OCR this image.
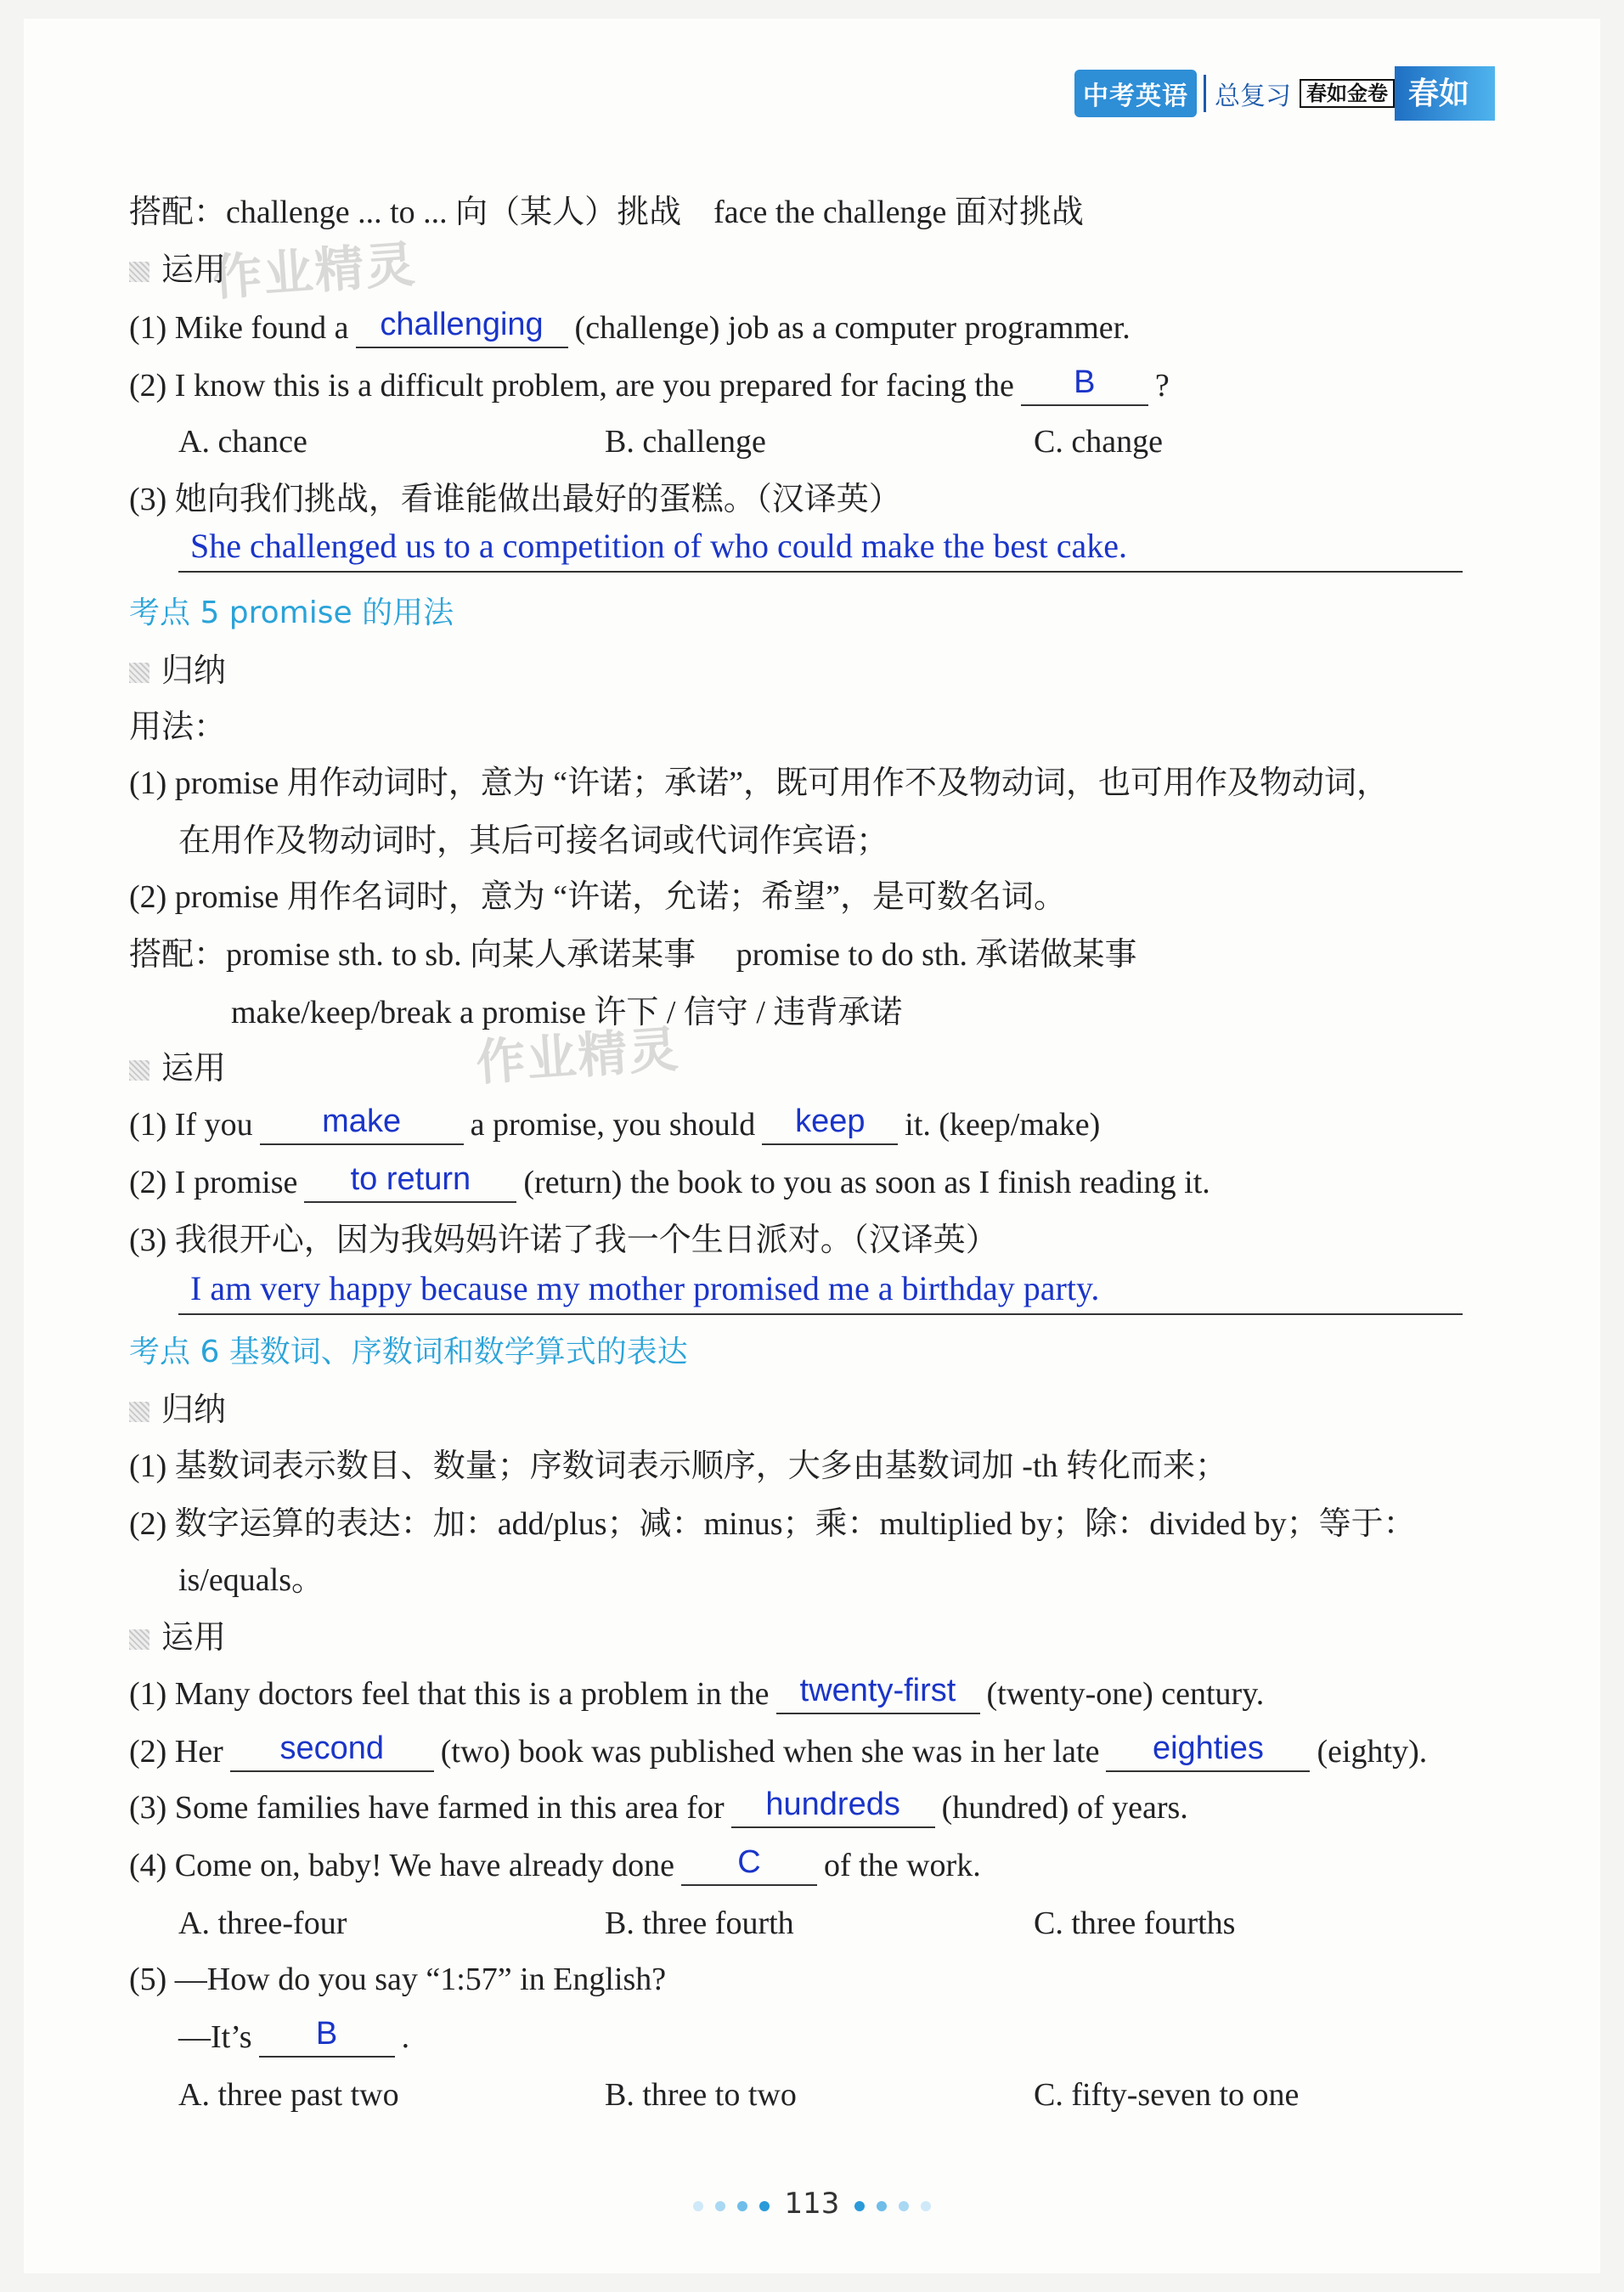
中考英语	总复习 春如金卷 春如
作业精灵
作业精灵
搭配：challenge ... to ... 向（某人）挑战　face the challenge 面对挑战
运用
(1) Mike found a challenging (challenge) job as a computer programmer.
(2) I know this is a difficult problem, are you prepared for facing the	B	?
A. chance	B. challenge	C. change
(3) 她向我们挑战，看谁能做出最好的蛋糕。（汉译英）
She challenged us to a competition of who could make the best cake.
考点 5 promise 的用法
归纳
用法：
(1) promise 用作动词时，意为 “许诺；承诺”，既可用作不及物动词，也可用作及物动词，
在用作及物动词时，其后可接名词或代词作宾语；
(2) promise 用作名词时，意为 “许诺，允诺；希望”，是可数名词。
搭配：promise sth. to sb. 向某人承诺某事　 promise to do sth. 承诺做某事
make/keep/break a promise 许下 / 信守 / 违背承诺
运用
(1) If you	make	a promise, you should	keep	it. (keep/make)
(2) I promise	to return	(return) the book to you as soon as I finish reading it.
(3) 我很开心，因为我妈妈许诺了我一个生日派对。（汉译英）
I am very happy because my mother promised me a birthday party.
考点 6 基数词、序数词和数学算式的表达
归纳
(1) 基数词表示数目、数量；序数词表示顺序，大多由基数词加 -th 转化而来；
(2) 数字运算的表达：加：add/plus；减：minus；乘：multiplied by；除：divided by；等于：
is/equals。
运用
(1) Many doctors feel that this is a problem in the twenty-first (twenty-one) century.
(2) Her	second	(two) book was published when she was in her late	eighties	(eighty).
(3) Some families have farmed in this area for	hundreds	(hundred) of years.
(4) Come on, baby! We have already done	C	of the work.
A. three-four	B. three fourth	C. three fourths
(5) —How do you say “1:57” in English?
—It’s	B	.
A. three past two	B. three to two	C. fifty-seven to one
113
